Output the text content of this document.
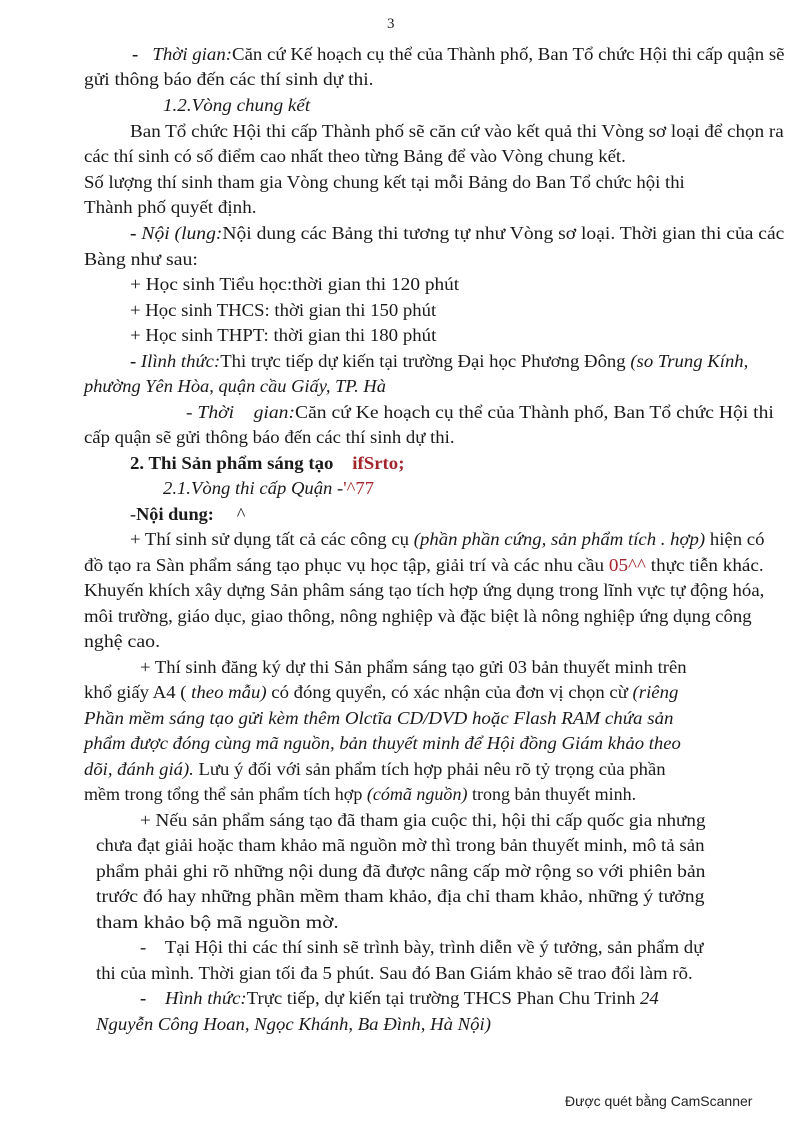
3
-   Thời gian:Căn cứ Kế hoạch cụ thể của Thành phố, Ban Tổ chức Hội thi cấp quận sẽ
gửi thông báo đến các thí sinh dự thi.
1.2.Vòng chung kết
Ban Tổ chức Hội thi cấp Thành phố sẽ căn cứ vào kết quả thi Vòng sơ loại để chọn ra
các thí sinh có số điểm cao nhất theo từng Bảng để vào Vòng chung kết.
Số lượng thí sinh tham gia Vòng chung kết tại mỗi Bảng do Ban Tổ chức hội thi
Thành phố quyết định.
- Nội (lung:Nội dung các Bảng thi tương tự như Vòng sơ loại. Thời gian thi của các
Bàng như sau:
+ Học sinh Tiểu học:thời gian thi 120 phút
+ Học sinh THCS: thời gian thi 150 phút
+ Học sinh THPT: thời gian thi 180 phút
- Ilình thức:Thi trực tiếp dự kiến tại trường Đại học Phương Đông (so Trung Kính,
phường Yên Hòa, quận cầu Giấy, TP. Hà
- Thời    gian:Căn cứ Ke hoạch cụ thể của Thành phố, Ban Tổ chức Hội thi
cấp quận sẽ gửi thông báo đến các thí sinh dự thi.
2. Thi Sản phẩm sáng tạo    ifSrto;
2.1.Vòng thi cấp Quận -'^77
-Nội dung:     ^
+ Thí sinh sử dụng tất cả các công cụ (phần phần cứng, sản phẩm tích . hợp) hiện có
đồ tạo ra Sàn phẩm sáng tạo phục vụ học tập, giải trí và các nhu cầu 05^^ thực tiễn khác.
Khuyến khích xây dựng Sản phâm sáng tạo tích hợp ứng dụng trong lĩnh vực tự động hóa,
môi trường, giáo dục, giao thông, nông nghiệp và đặc biệt là nông nghiệp ứng dụng công
nghệ cao.
+ Thí sinh đăng ký dự thi Sản phẩm sáng tạo gửi 03 bản thuyết minh trên
khổ giấy A4 ( theo mẫu) có đóng quyển, có xác nhận của đơn vị chọn cừ (riêng
Phần mềm sáng tạo gửi kèm thêm Olctĩa CD/DVD hoặc Flash RAM chứa sản
phẩm được đóng cùng mã nguồn, bản thuyết minh để Hội đồng Giám khảo theo
dõi, đánh giá). Lưu ý đối với sản phẩm tích hợp phải nêu rõ tỷ trọng của phần
mềm trong tổng thể sản phẩm tích hợp (cómã nguồn) trong bản thuyết minh.
+ Nếu sản phẩm sáng tạo đã tham gia cuộc thi, hội thi cấp quốc gia nhưng
chưa đạt giải hoặc tham khảo mã nguồn mờ thì trong bản thuyết minh, mô tả sản
phẩm phải ghi rõ những nội dung đã được nâng cấp mờ rộng so với phiên bản
trước đó hay những phần mềm tham khảo, địa chỉ tham khảo, những ý tưởng
tham khảo bộ mã nguồn mờ.
-    Tại Hội thi các thí sinh sẽ trình bày, trình diễn về ý tưởng, sản phẩm dự
thi của mình. Thời gian tối đa 5 phút. Sau đó Ban Giám khảo sẽ trao đổi làm rõ.
-    Hình thức:Trực tiếp, dự kiến tại trường THCS Phan Chu Trinh 24
Nguyễn Công Hoan, Ngọc Khánh, Ba Đình, Hà Nội)
Được quét bằng CamScanner
